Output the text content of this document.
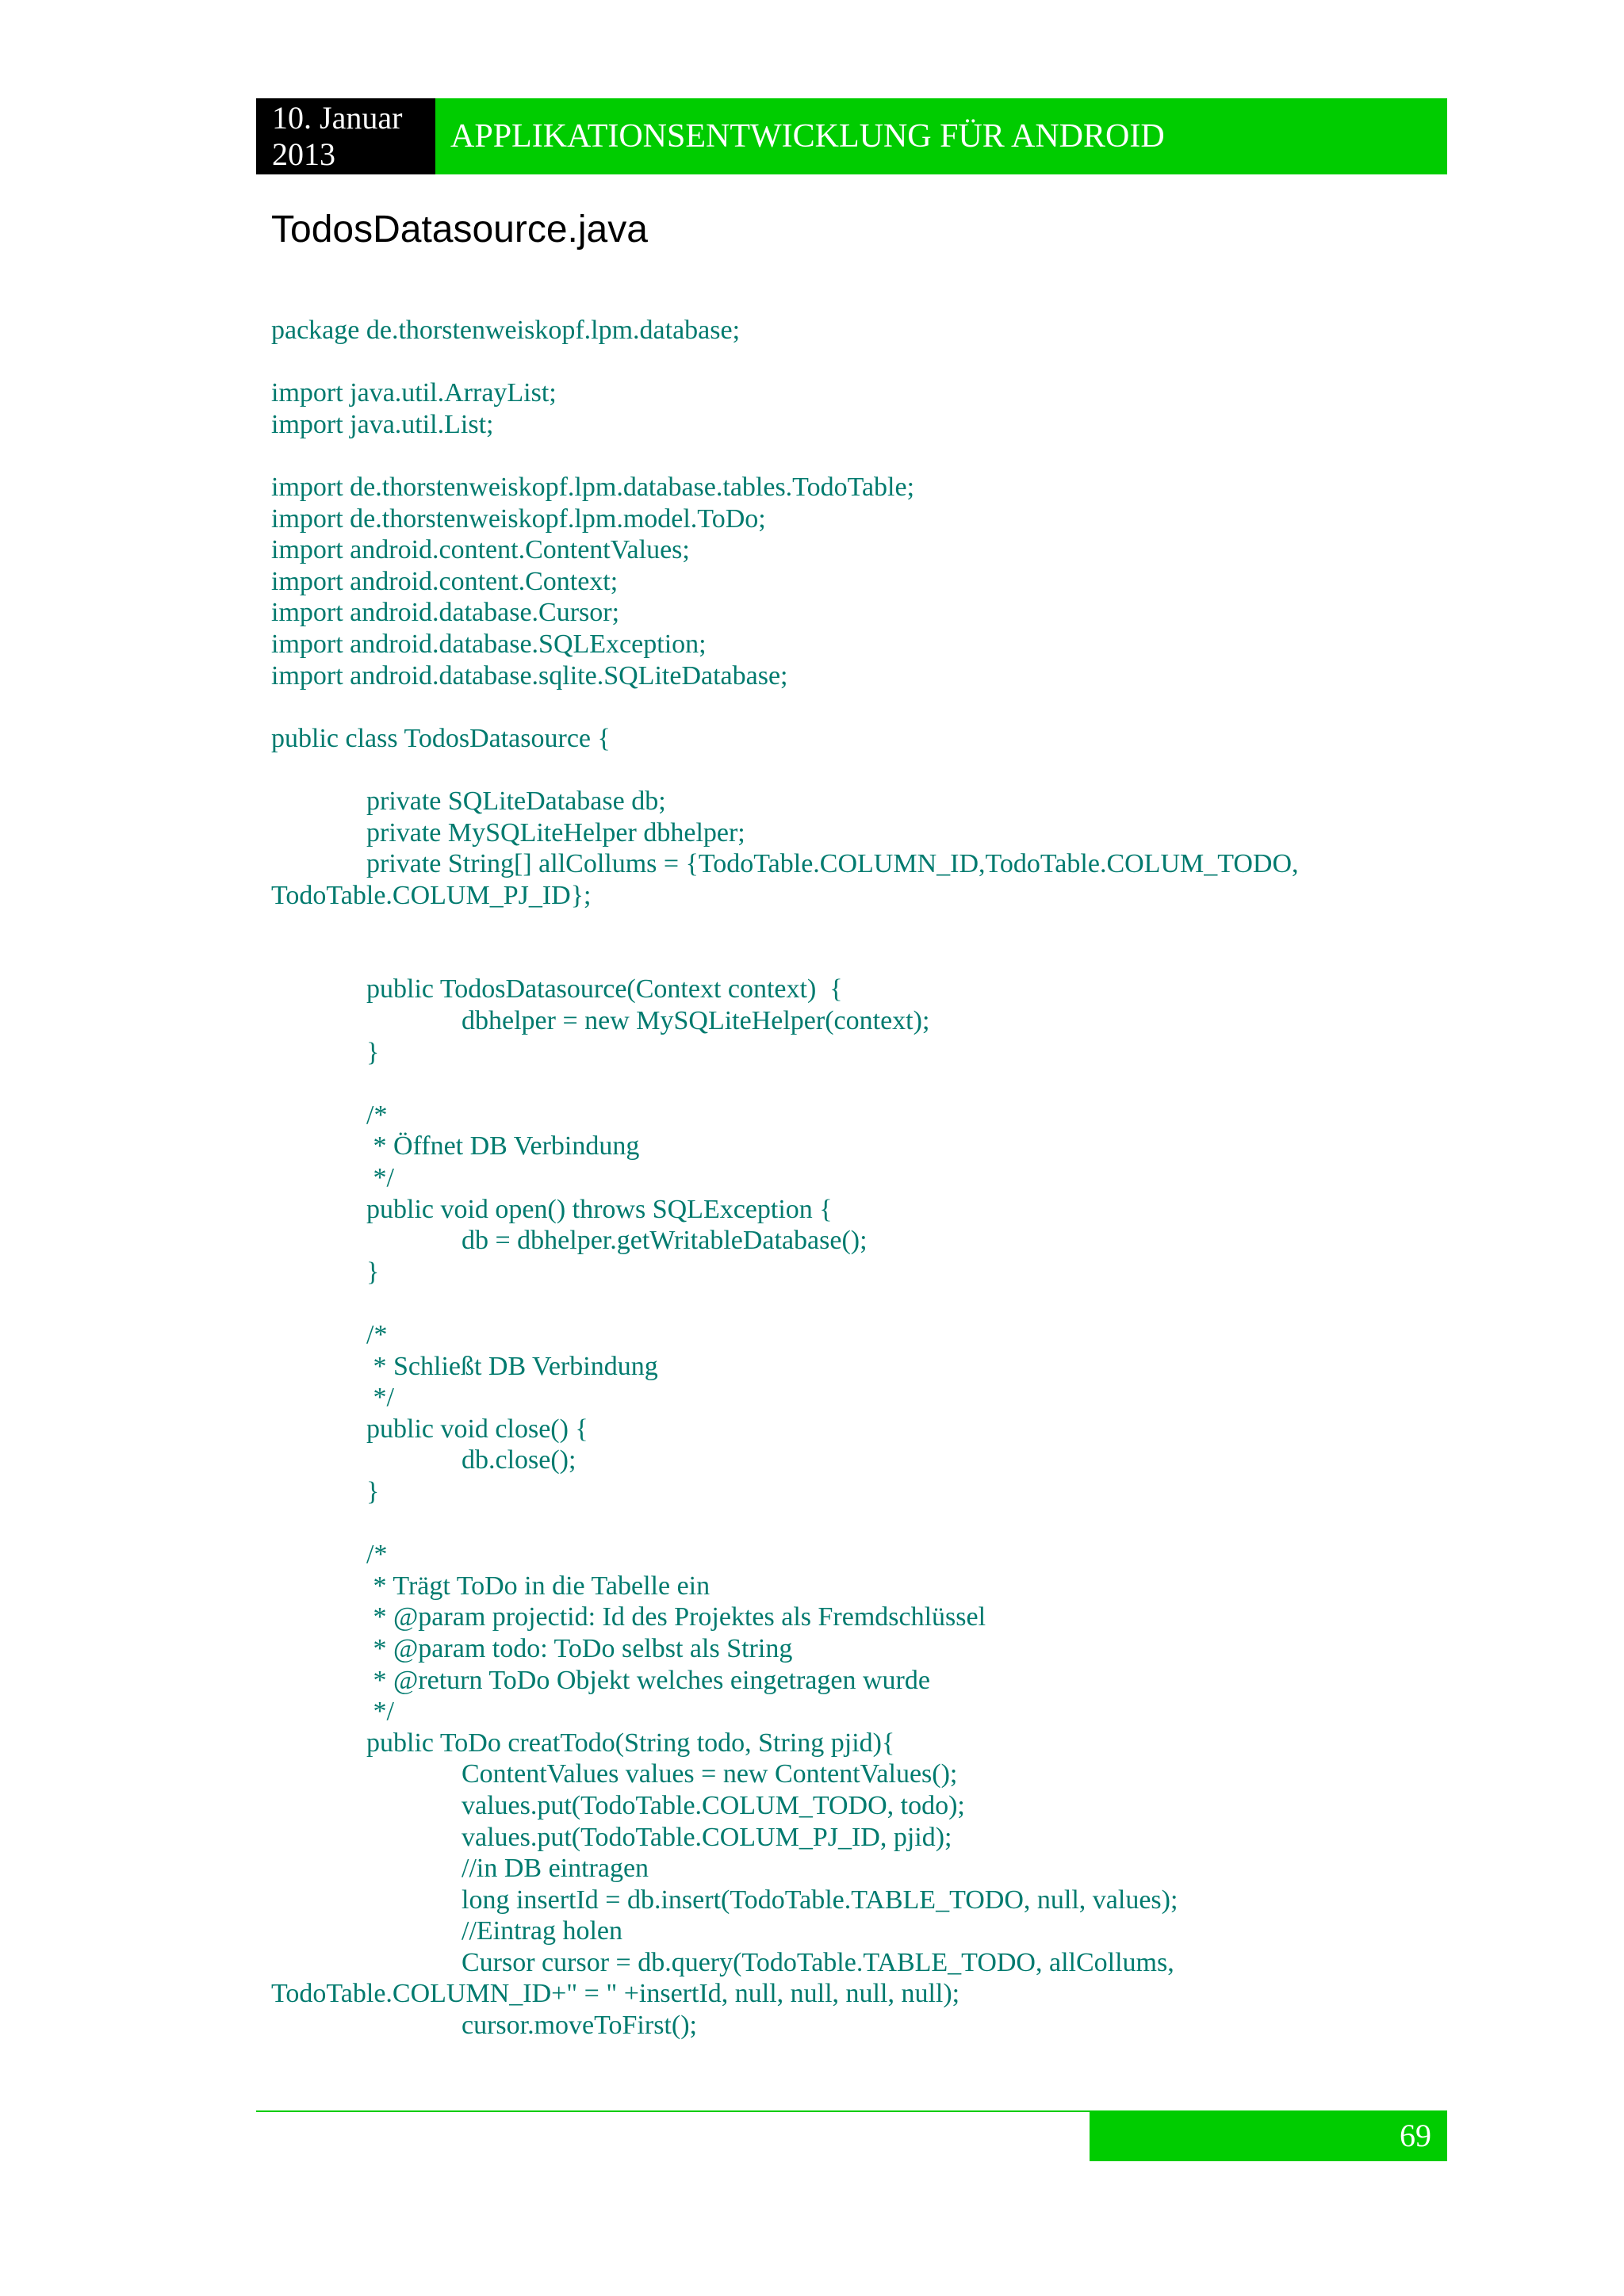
10. Januar
2013	APPLIKATIONSENTWICKLUNG FÜR ANDROID
TodosDatasource.java
package de.thorstenweiskopf.lpm.database;
import java.util.ArrayList;
import java.util.List;
import de.thorstenweiskopf.lpm.database.tables.TodoTable;
import de.thorstenweiskopf.lpm.model.ToDo;
import android.content.ContentValues;
import android.content.Context;
import android.database.Cursor;
import android.database.SQLException;
import android.database.sqlite.SQLiteDatabase;
public class TodosDatasource {
private SQLiteDatabase db;
private MySQLiteHelper dbhelper;
private String[] allCollums = {TodoTable.COLUMN_ID,TodoTable.COLUM_TODO,
TodoTable.COLUM_PJ_ID};
public TodosDatasource(Context context)  {
dbhelper = new MySQLiteHelper(context);
}
/*
* Öffnet DB Verbindung
*/
public void open() throws SQLException {
db = dbhelper.getWritableDatabase();
}
/*
* Schließt DB Verbindung
*/
public void close() {
db.close();
}
/*
* Trägt ToDo in die Tabelle ein
* @param projectid: Id des Projektes als Fremdschlüssel
* @param todo: ToDo selbst als String
* @return ToDo Objekt welches eingetragen wurde
*/
public ToDo creatTodo(String todo, String pjid){
ContentValues values = new ContentValues();
values.put(TodoTable.COLUM_TODO, todo);
values.put(TodoTable.COLUM_PJ_ID, pjid);
//in DB eintragen
long insertId = db.insert(TodoTable.TABLE_TODO, null, values);
//Eintrag holen
Cursor cursor = db.query(TodoTable.TABLE_TODO, allCollums,
TodoTable.COLUMN_ID+" = " +insertId, null, null, null, null);
cursor.moveToFirst();
69
